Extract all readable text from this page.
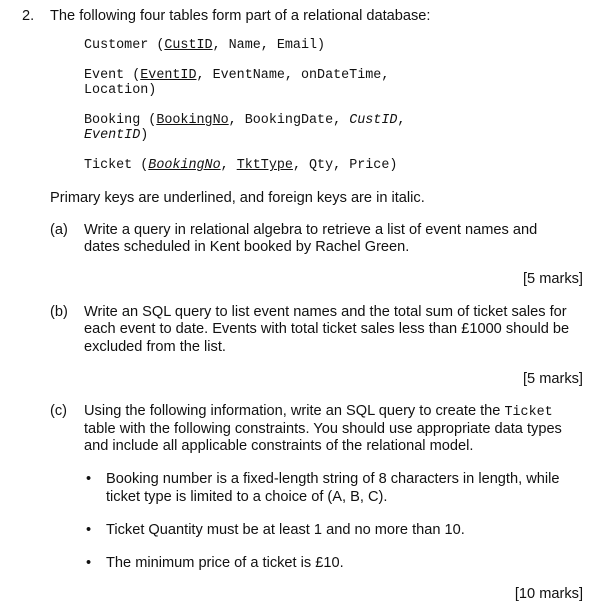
2. The following four tables form part of a relational database:
Customer (CustID, Name, Email)
Event (EventID, EventName, onDateTime,
Location)
Booking (BookingNo, BookingDate, CustID,
EventID)
Ticket (BookingNo, TktType, Qty, Price)
Primary keys are underlined, and foreign keys are in italic.
(a) Write a query in relational algebra to retrieve a list of event names and
dates scheduled in Kent booked by Rachel Green.
[5 marks]
(b) Write an SQL query to list event names and the total sum of ticket sales for
each event to date. Events with total ticket sales less than £1000 should be
excluded from the list.
[5 marks]
(c) Using the following information, write an SQL query to create the Ticket
table with the following constraints. You should use appropriate data types
and include all applicable constraints of the relational model.
• Booking number is a fixed-length string of 8 characters in length, while
ticket type is limited to a choice of (A, B, C).
• Ticket Quantity must be at least 1 and no more than 10.
• The minimum price of a ticket is £10.
[10 marks]
